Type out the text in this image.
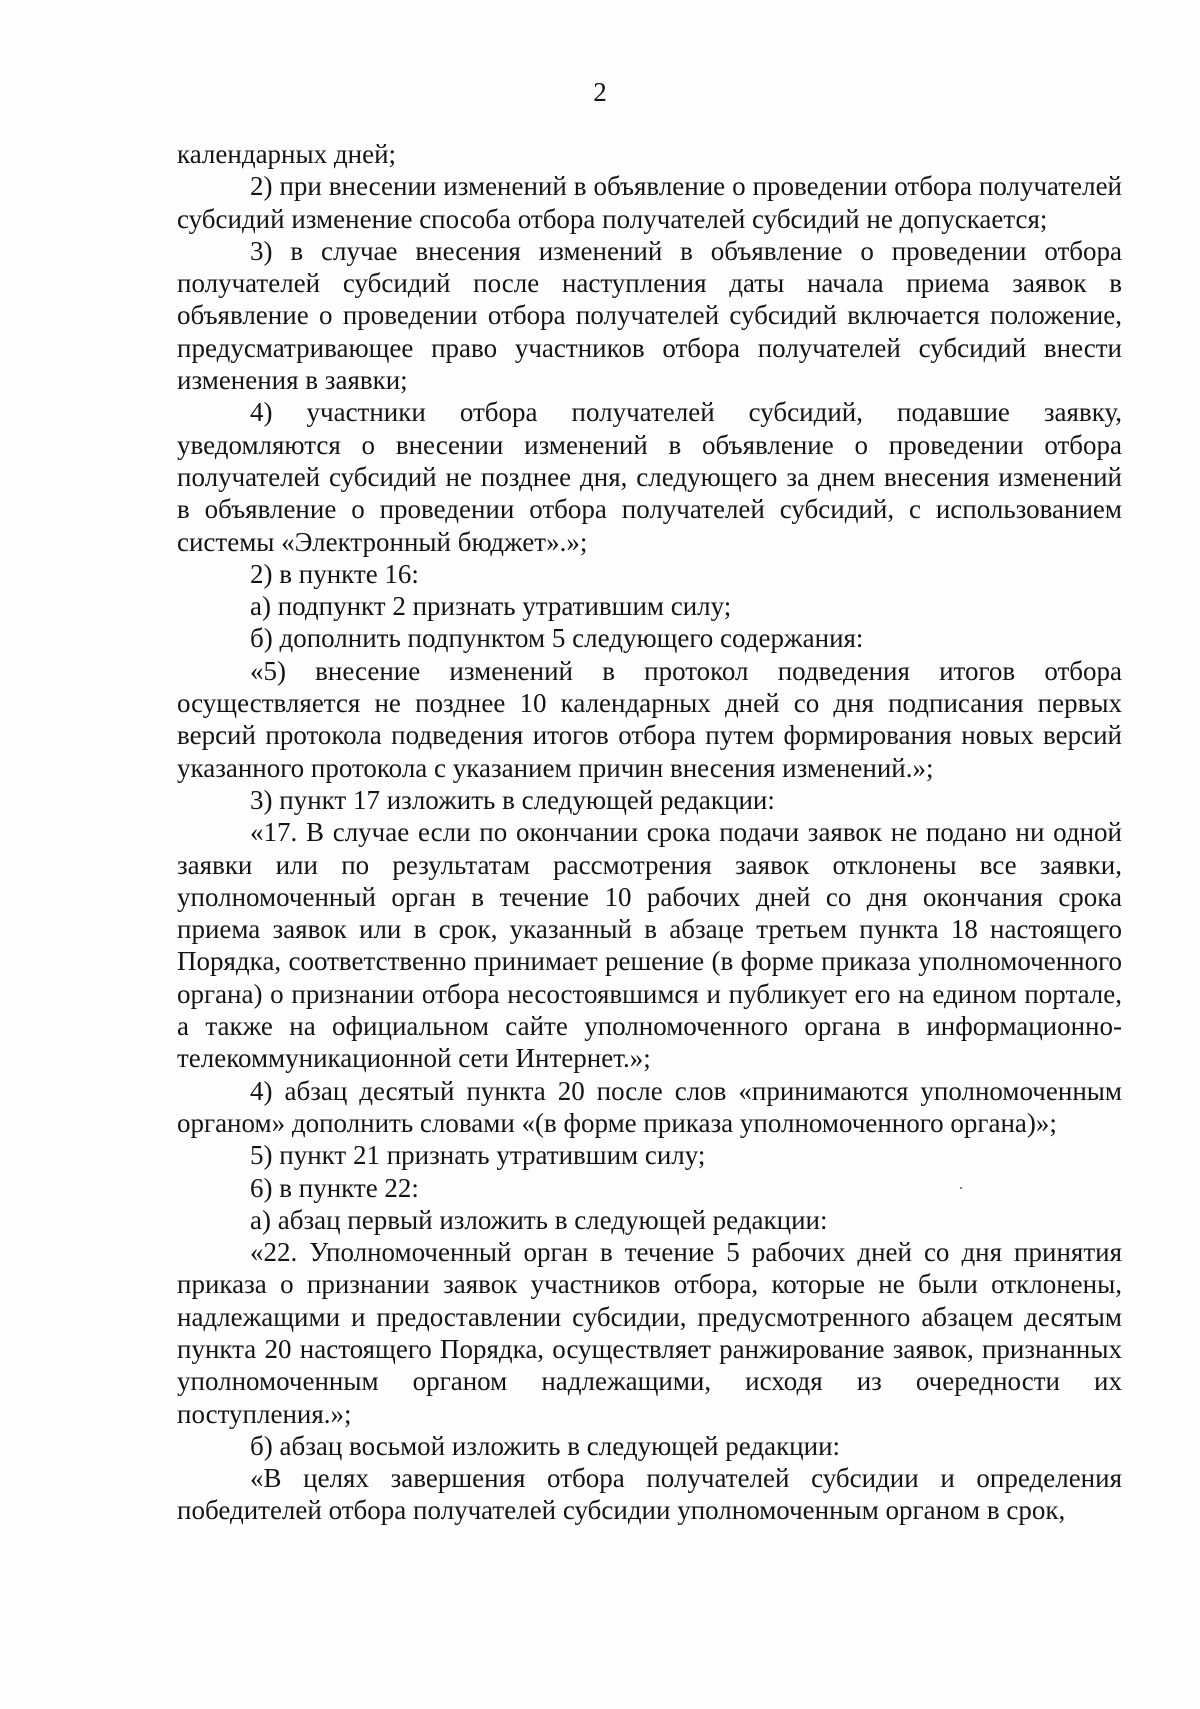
2

календарных дней;

2) при внесении изменений в объявление о проведении отбора получателей субсидий изменение способа отбора получателей субсидий не допускается;

3) в случае внесения изменений в объявление о проведении отбора получателей субсидий после наступления даты начала приема заявок в объявление о проведении отбора получателей субсидий включается положение, предусматривающее право участников отбора получателей субсидий внести изменения в заявки;

4) участники отбора получателей субсидий, подавшие заявку, уведомляются о внесении изменений в объявление о проведении отбора получателей субсидий не позднее дня, следующего за днем внесения изменений в объявление о проведении отбора получателей субсидий, с использованием системы «Электронный бюджет».»;

2) в пункте 16:

а) подпункт 2 признать утратившим силу;

б) дополнить подпунктом 5 следующего содержания:

«5) внесение изменений в протокол подведения итогов отбора осуществляется не позднее 10 календарных дней со дня подписания первых версий протокола подведения итогов отбора путем формирования новых версий указанного протокола с указанием причин внесения изменений.»;

3) пункт 17 изложить в следующей редакции:

«17. В случае если по окончании срока подачи заявок не подано ни одной заявки или по результатам рассмотрения заявок отклонены все заявки, уполномоченный орган в течение 10 рабочих дней со дня окончания срока приема заявок или в срок, указанный в абзаце третьем пункта 18 настоящего Порядка, соответственно принимает решение (в форме приказа уполномоченного органа) о признании отбора несостоявшимся и публикует его на едином портале, а также на официальном сайте уполномоченного органа в информационно-телекоммуникационной сети Интернет.»;

4) абзац десятый пункта 20 после слов «принимаются уполномоченным органом» дополнить словами «(в форме приказа уполномоченного органа)»;

5) пункт 21 признать утратившим силу;

6) в пункте 22:

а) абзац первый изложить в следующей редакции:

«22. Уполномоченный орган в течение 5 рабочих дней со дня принятия приказа о признании заявок участников отбора, которые не были отклонены, надлежащими и предоставлении субсидии, предусмотренного абзацем десятым пункта 20 настоящего Порядка, осуществляет ранжирование заявок, признанных уполномоченным органом надлежащими, исходя из очередности их поступления.»;

б) абзац восьмой изложить в следующей редакции:

«В целях завершения отбора получателей субсидии и определения победителей отбора получателей субсидии уполномоченным органом в срок,
